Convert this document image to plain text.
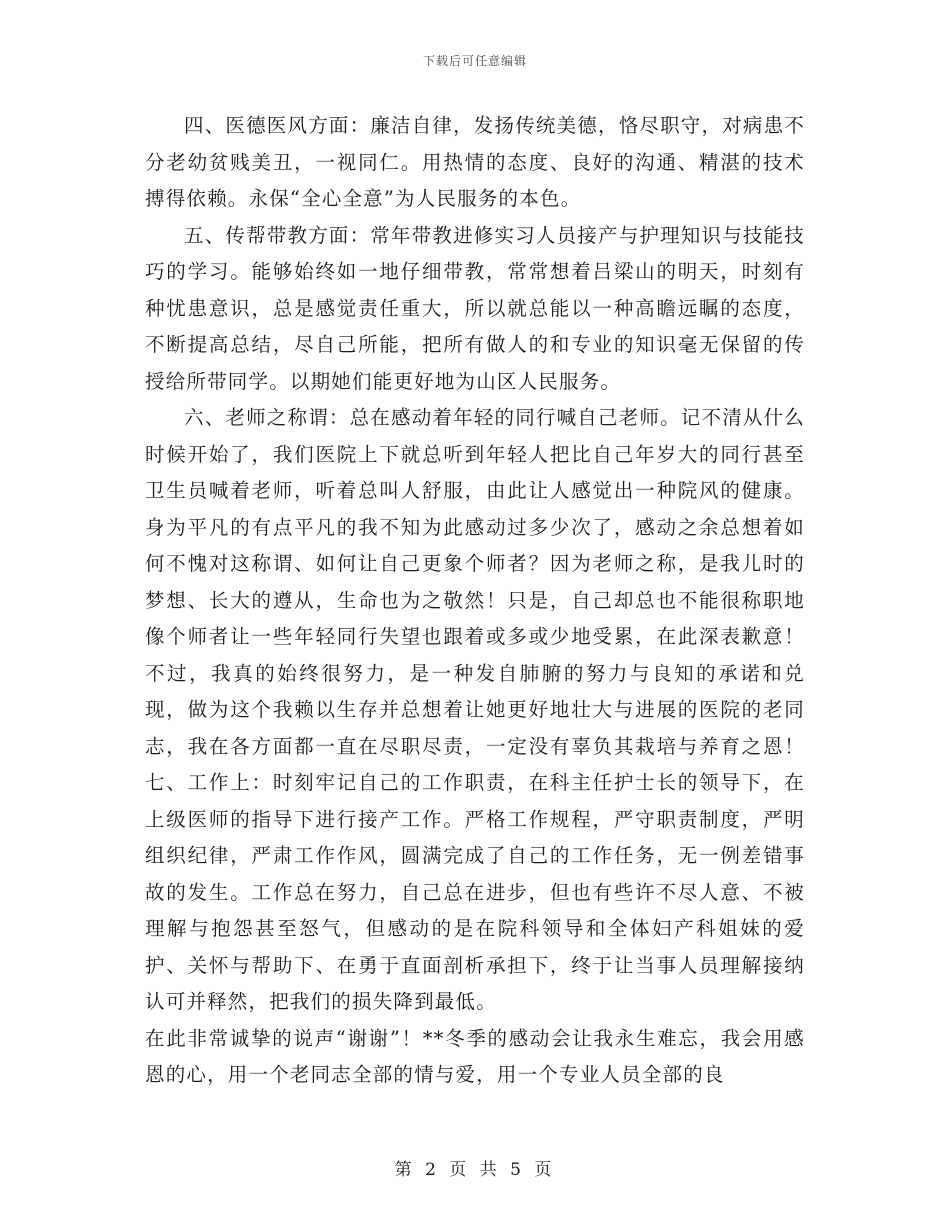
下载后可任意编辑

四、医德医风方面：廉洁自律，发扬传统美德，恪尽职守，对病患不分老幼贫贱美丑，一视同仁。用热情的态度、良好的沟通、精湛的技术搏得依赖。永保“全心全意”为人民服务的本色。

五、传帮带教方面：常年带教进修实习人员接产与护理知识与技能技巧的学习。能够始终如一地仔细带教，常常想着吕梁山的明天，时刻有种忧患意识，总是感觉责任重大，所以就总能以一种高瞻远瞩的态度，不断提高总结，尽自己所能，把所有做人的和专业的知识毫无保留的传授给所带同学。以期她们能更好地为山区人民服务。

六、老师之称谓：总在感动着年轻的同行喊自己老师。记不清从什么时候开始了，我们医院上下就总听到年轻人把比自己年岁大的同行甚至卫生员喊着老师，听着总叫人舒服，由此让人感觉出一种院风的健康。身为平凡的有点平凡的我不知为此感动过多少次了，感动之余总想着如何不愧对这称谓、如何让自己更象个师者？因为老师之称，是我儿时的梦想、长大的遵从，生命也为之敬然！只是，自己却总也不能很称职地像个师者让一些年轻同行失望也跟着或多或少地受累，在此深表歉意！不过，我真的始终很努力，是一种发自肺腑的努力与良知的承诺和兑现，做为这个我赖以生存并总想着让她更好地壮大与进展的医院的老同志，我在各方面都一直在尽职尽责，一定没有辜负其栽培与养育之恩！七、工作上：时刻牢记自己的工作职责，在科主任护士长的领导下，在上级医师的指导下进行接产工作。严格工作规程，严守职责制度，严明组织纪律，严肃工作作风，圆满完成了自己的工作任务，无一例差错事故的发生。工作总在努力，自己总在进步，但也有些许不尽人意、不被理解与抱怨甚至怒气，但感动的是在院科领导和全体妇产科姐妹的爱护、关怀与帮助下、在勇于直面剖析承担下，终于让当事人员理解接纳认可并释然，把我们的损失降到最低。

在此非常诚挚的说声“谢谢”！**冬季的感动会让我永生难忘，我会用感恩的心，用一个老同志全部的情与爱，用一个专业人员全部的良

第 2 页 共 5 页
